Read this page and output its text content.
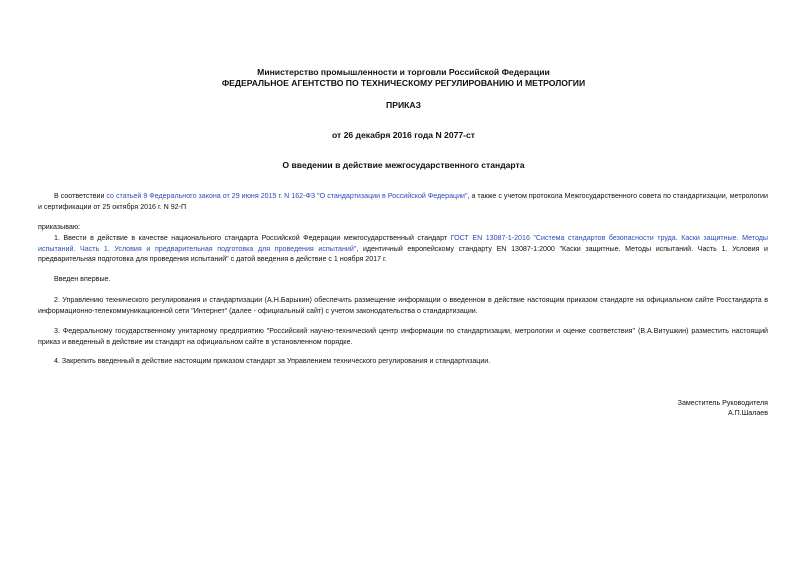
Министерство промышленности и торговли Российской Федерации
ФЕДЕРАЛЬНОЕ АГЕНТСТВО ПО ТЕХНИЧЕСКОМУ РЕГУЛИРОВАНИЮ И МЕТРОЛОГИИ
ПРИКАЗ
от 26 декабря 2016 года N 2077-ст
О введении в действие межгосударственного стандарта
В соответствии со статьей 9 Федерального закона от 29 июня 2015 г. N 162-ФЗ "О стандартизации в Российской Федерации", а также с учетом протокола Межгосударственного совета по стандартизации, метрологии и сертификации от 25 октября 2016 г. N 92-П
приказываю:
1. Ввести в действие в качестве национального стандарта Российской Федерации межгосударственный стандарт ГОСТ EN 13087-1-2016 "Система стандартов безопасности труда. Каски защитные. Методы испытаний. Часть 1. Условия и предварительная подготовка для проведения испытаний", идентичный европейскому стандарту EN 13087-1:2000 "Каски защитные. Методы испытаний. Часть 1. Условия и предварительная подготовка для проведения испытаний" с датой введения в действие с 1 ноября 2017 г.
Введен впервые.
2. Управлению технического регулирования и стандартизации (А.Н.Барыкин) обеспечить размещение информации о введенном в действие настоящим приказом стандарте на официальном сайте Росстандарта в информационно-телекоммуникационной сети "Интернет" (далее - официальный сайт) с учетом законодательства о стандартизации.
3. Федеральному государственному унитарному предприятию "Российский научно-технический центр информации по стандартизации, метрологии и оценке соответствия" (В.А.Витушкин) разместить настоящий приказ и введенный в действие им стандарт на официальном сайте в установленном порядке.
4. Закрепить введенный в действие настоящим приказом стандарт за Управлением технического регулирования и стандартизации.
Заместитель Руководителя
А.П.Шалаев
